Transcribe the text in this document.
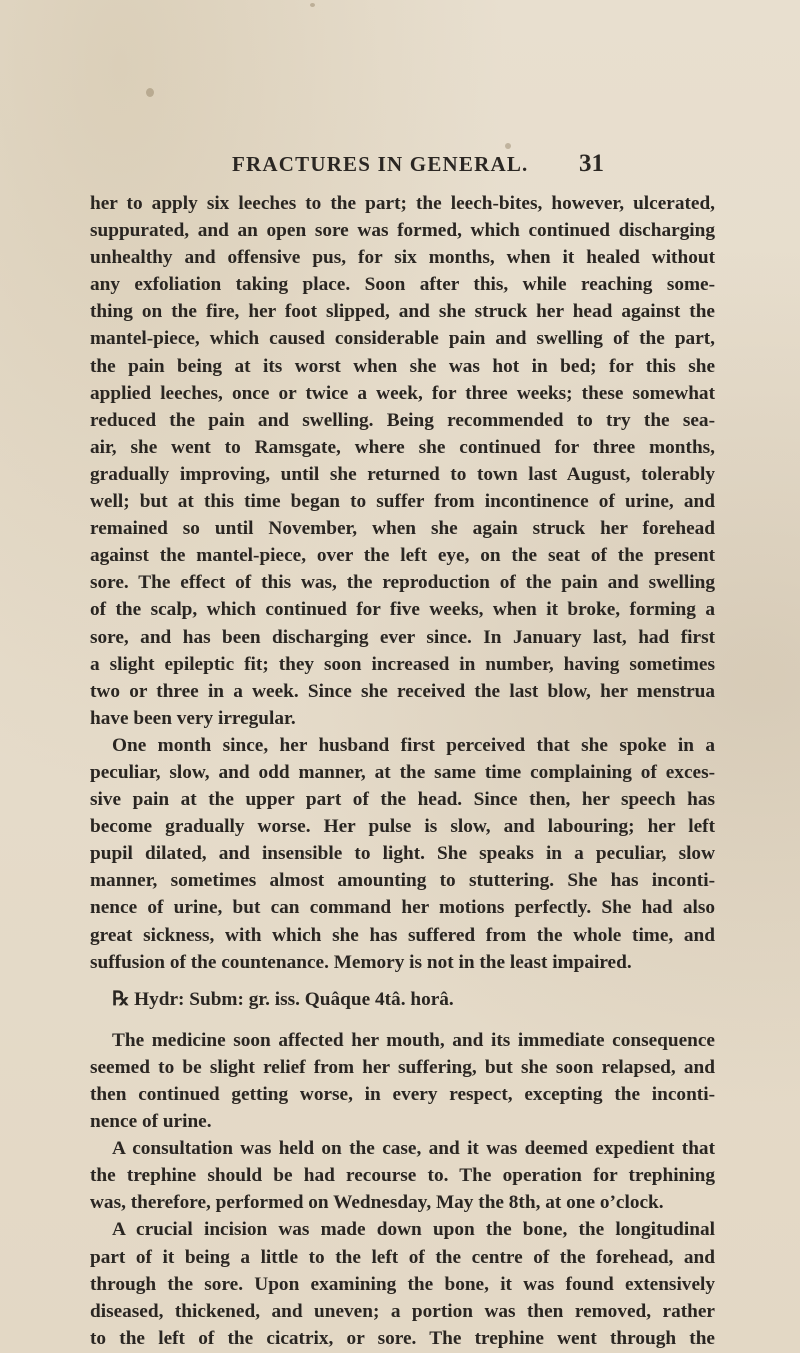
FRACTURES IN GENERAL. 31
her to apply six leeches to the part; the leech-bites, however, ulcerated,
suppurated, and an open sore was formed, which continued discharging
unhealthy and offensive pus, for six months, when it healed without
any exfoliation taking place. Soon after this, while reaching some-
thing on the fire, her foot slipped, and she struck her head against the
mantel-piece, which caused considerable pain and swelling of the part,
the pain being at its worst when she was hot in bed; for this she
applied leeches, once or twice a week, for three weeks; these somewhat
reduced the pain and swelling. Being recommended to try the sea-
air, she went to Ramsgate, where she continued for three months,
gradually improving, until she returned to town last August, tolerably
well; but at this time began to suffer from incontinence of urine, and
remained so until November, when she again struck her forehead
against the mantel-piece, over the left eye, on the seat of the present
sore. The effect of this was, the reproduction of the pain and swelling
of the scalp, which continued for five weeks, when it broke, forming a
sore, and has been discharging ever since. In January last, had first
a slight epileptic fit; they soon increased in number, having sometimes
two or three in a week. Since she received the last blow, her menstrua
have been very irregular.
One month since, her husband first perceived that she spoke in a
peculiar, slow, and odd manner, at the same time complaining of exces-
sive pain at the upper part of the head. Since then, her speech has
become gradually worse. Her pulse is slow, and labouring; her left
pupil dilated, and insensible to light. She speaks in a peculiar, slow
manner, sometimes almost amounting to stuttering. She has inconti-
nence of urine, but can command her motions perfectly. She had also
great sickness, with which she has suffered from the whole time, and
suffusion of the countenance. Memory is not in the least impaired.
℞ Hydr: Subm: gr. iss. Quâque 4tâ. horâ.
The medicine soon affected her mouth, and its immediate consequence
seemed to be slight relief from her suffering, but she soon relapsed, and
then continued getting worse, in every respect, excepting the inconti-
nence of urine.
A consultation was held on the case, and it was deemed expedient that
the trephine should be had recourse to. The operation for trephining
was, therefore, performed on Wednesday, May the 8th, at one o’clock.
A crucial incision was made down upon the bone, the longitudinal
part of it being a little to the left of the centre of the forehead, and
through the sore. Upon examining the bone, it was found extensively
diseased, thickened, and uneven; a portion was then removed, rather
to the left of the cicatrix, or sore. The trephine went through the
